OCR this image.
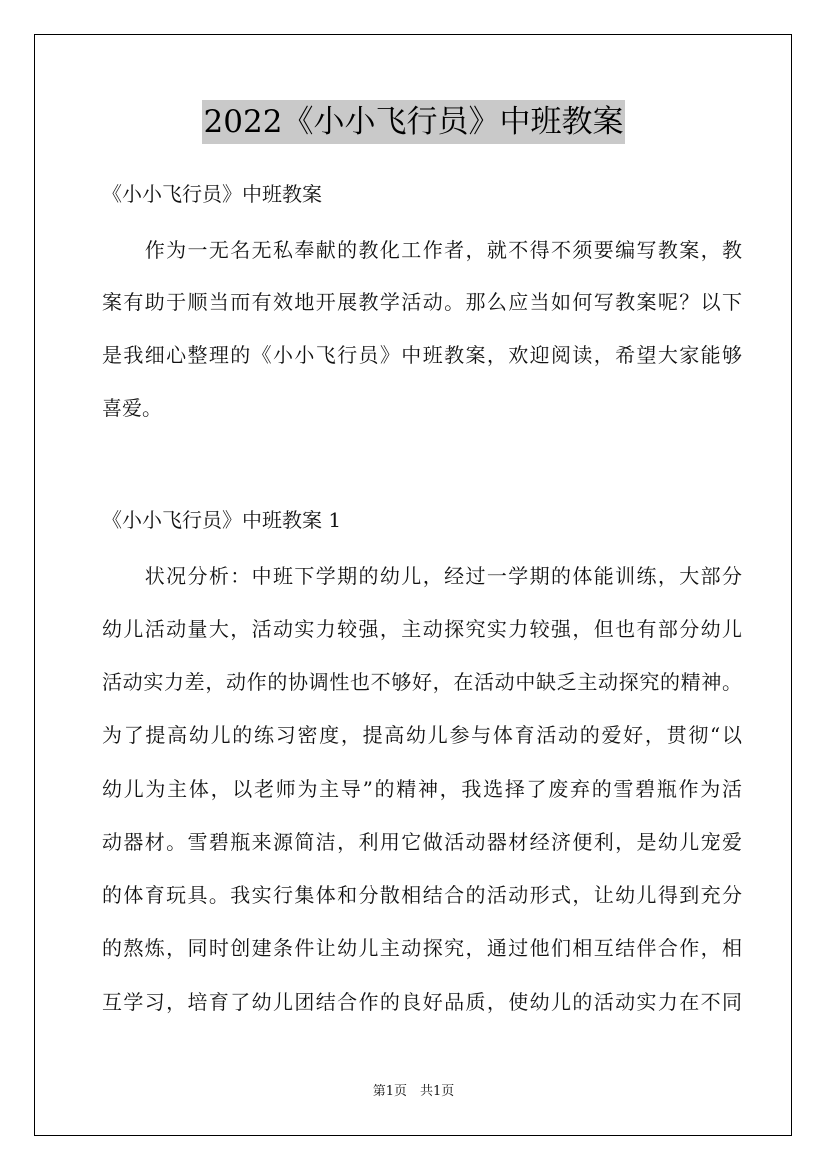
2022《小小飞行员》中班教案
《小小飞行员》中班教案
　　作为一无名无私奉献的教化工作者，就不得不须要编写教案，教
案有助于顺当而有效地开展教学活动。那么应当如何写教案呢？以下
是我细心整理的《小小飞行员》中班教案，欢迎阅读，希望大家能够
喜爱。
《小小飞行员》中班教案 1
　　状况分析：中班下学期的幼儿，经过一学期的体能训练，大部分
幼儿活动量大，活动实力较强，主动探究实力较强，但也有部分幼儿
活动实力差，动作的协调性也不够好，在活动中缺乏主动探究的精神。
为了提高幼儿的练习密度，提高幼儿参与体育活动的爱好，贯彻“以
幼儿为主体，以老师为主导”的精神，我选择了废弃的雪碧瓶作为活
动器材。雪碧瓶来源简洁，利用它做活动器材经济便利，是幼儿宠爱
的体育玩具。我实行集体和分散相结合的活动形式，让幼儿得到充分
的熬炼，同时创建条件让幼儿主动探究，通过他们相互结伴合作，相
互学习，培育了幼儿团结合作的良好品质，使幼儿的活动实力在不同
第1页　共1页
